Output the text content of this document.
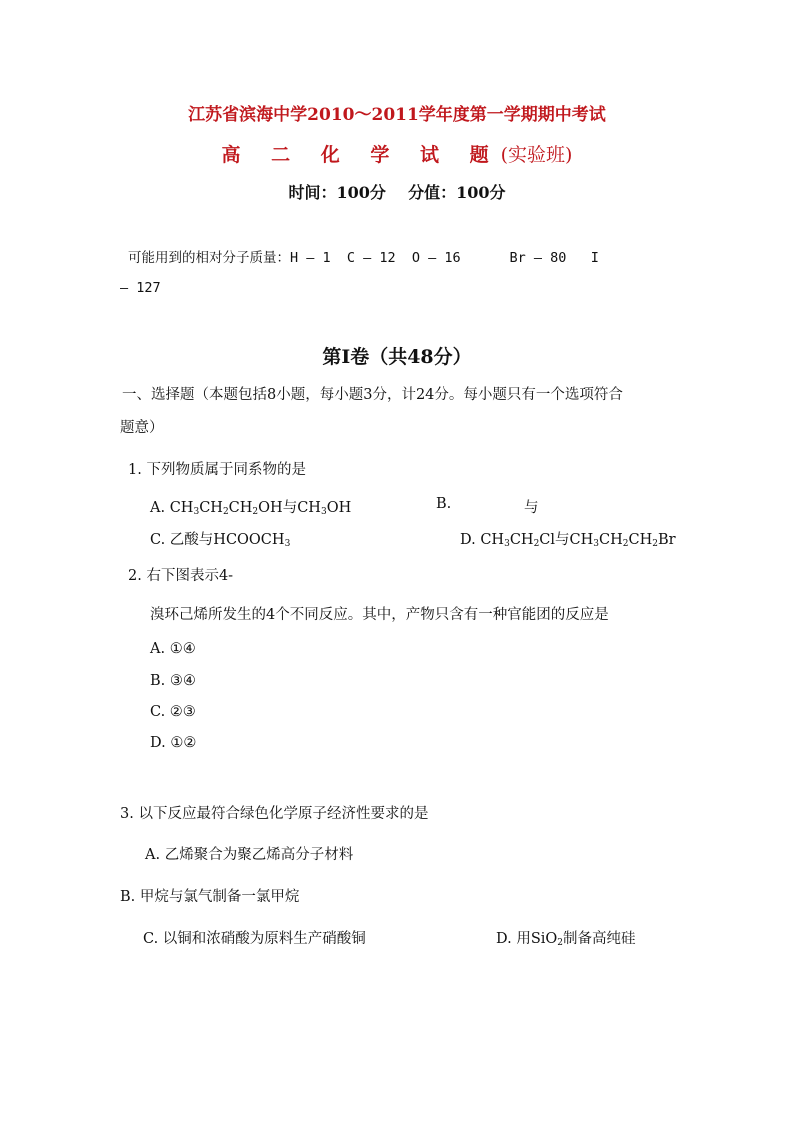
江苏省滨海中学2010～2011学年度第一学期期中考试
高 二 化 学 试 题(实验班)
时间：100分    分值：100分
可能用到的相对分子质量：H – 1  C – 12  O – 16      Br – 80   I
– 127
第Ⅰ卷（共48分）
一、选择题（本题包括8小题，每小题3分，计24分。每小题只有一个选项符合
题意）
1. 下列物质属于同系物的是
A. $CH_3CH_2CH_2OH$与$CH_3OH$	B.	与
C. 乙酸与$HCOOCH_3$	D. $CH_3CH_2Cl$与$CH_3CH_2CH_2Br$
2. 右下图表示4-
溴环己烯所发生的4个不同反应。其中，产物只含有一种官能团的反应是
A. ①④
B. ③④
C. ②③
D. ①②
3. 以下反应最符合绿色化学原子经济性要求的是
A. 乙烯聚合为聚乙烯高分子材料
B. 甲烷与氯气制备一氯甲烷
C. 以铜和浓硝酸为原料生产硝酸铜	D. 用SiO$_2$制备高纯硅
